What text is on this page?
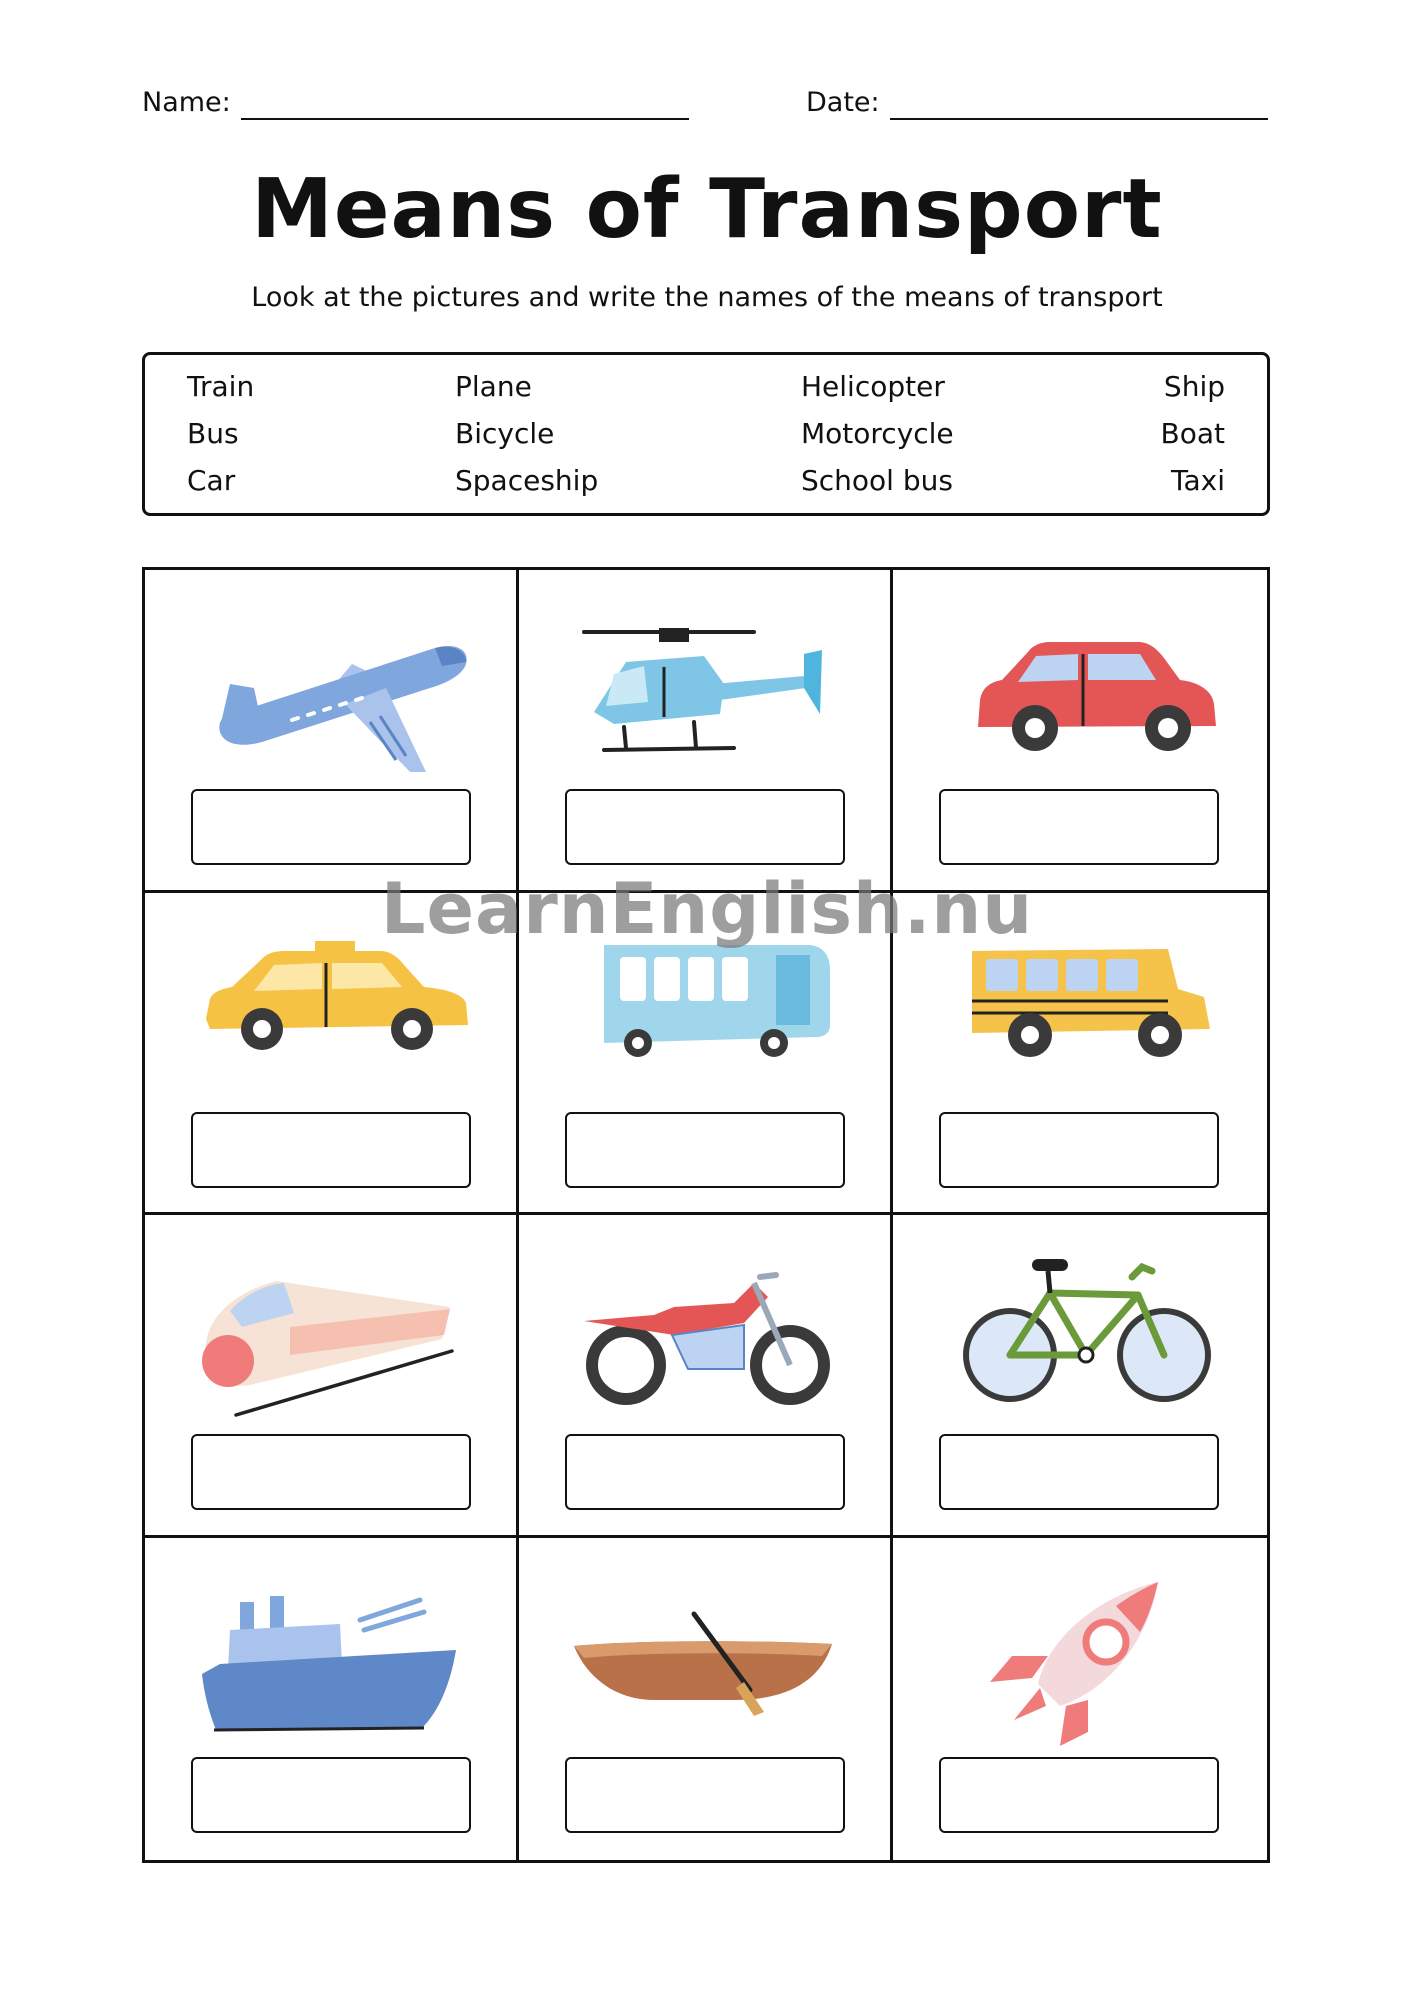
Name:	Date:
Means of Transport
Look at the pictures and write the names of the means of transport
Train	Plane	Helicopter	Ship
Bus	Bicycle	Motorcycle	Boat
Car	Spaceship	School bus	Taxi
LearnEnglish.nu
